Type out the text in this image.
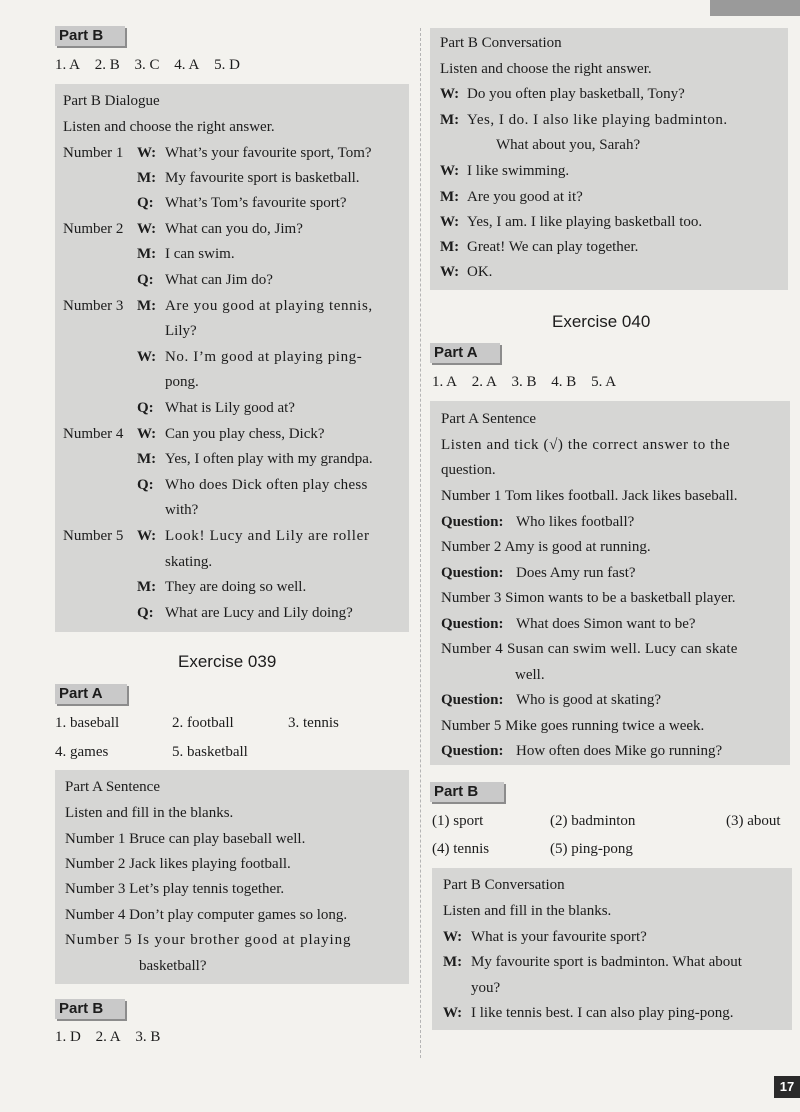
Part B
1. A 2. B 3. C 4. A 5. D
Part B Dialogue
Listen and choose the right answer.
Number 1 W: What’s your favourite sport, Tom?
M: My favourite sport is basketball.
Q: What’s Tom’s favourite sport?
Number 2 W: What can you do, Jim?
M: I can swim.
Q: What can Jim do?
Number 3 M: Are you good at playing tennis,
Lily?
W: No. I’m good at playing ping-
pong.
Q: What is Lily good at?
Number 4 W: Can you play chess, Dick?
M: Yes, I often play with my grandpa.
Q: Who does Dick often play chess
with?
Number 5 W: Look! Lucy and Lily are roller
skating.
M: They are doing so well.
Q: What are Lucy and Lily doing?
Exercise 039
Part A
1. baseball	2. football	3. tennis
4. games	5. basketball
Part A Sentence
Listen and fill in the blanks.
Number 1 Bruce can play baseball well.
Number 2 Jack likes playing football.
Number 3 Let’s play tennis together.
Number 4 Don’t play computer games so long.
Number 5 Is your brother good at playing
basketball?
Part B
1. D 2. A 3. B
Part B Conversation
Listen and choose the right answer.
W: Do you often play basketball, Tony?
M: Yes, I do. I also like playing badminton.
What about you, Sarah?
W: I like swimming.
M: Are you good at it?
W: Yes, I am. I like playing basketball too.
M: Great! We can play together.
W: OK.
Exercise 040
Part A
1. A 2. A 3. B 4. B 5. A
Part A Sentence
Listen and tick (√) the correct answer to the
question.
Number 1 Tom likes football. Jack likes baseball.
Question: Who likes football?
Number 2 Amy is good at running.
Question: Does Amy run fast?
Number 3 Simon wants to be a basketball player.
Question: What does Simon want to be?
Number 4 Susan can swim well. Lucy can skate
well.
Question: Who is good at skating?
Number 5 Mike goes running twice a week.
Question: How often does Mike go running?
Part B
(1) sport	(2) badminton	(3) about
(4) tennis	(5) ping-pong
Part B Conversation
Listen and fill in the blanks.
W: What is your favourite sport?
M: My favourite sport is badminton. What about
you?
W: I like tennis best. I can also play ping-pong.
17
